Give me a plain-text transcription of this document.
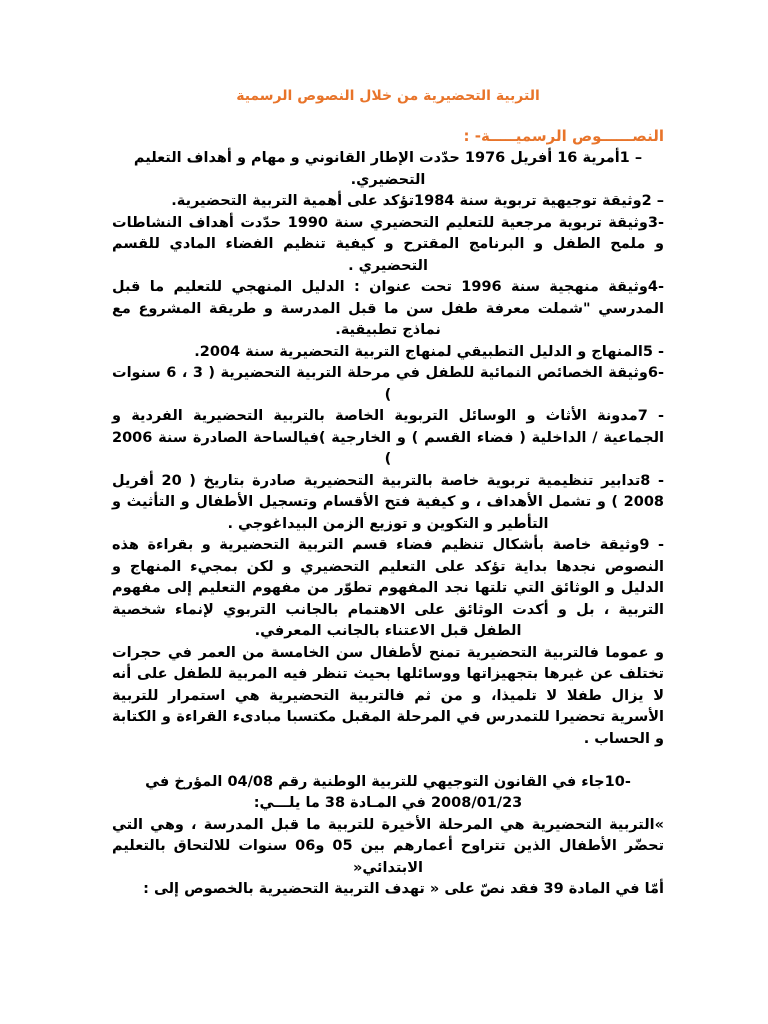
التربية التحضيرية من خلال النصوص الرسمية
النصــــــوص الرسميـــــة- :

– 1أمرية 16 أفريل 1976 حدّدت الإطار القانوني و مهام و أهداف التعليم التحضيري.

– 2وثيقة توجيهية تربوية سنة 1984تؤكد على أهمية التربية التحضيرية.

-3وثيقة تربوية مرجعية للتعليم التحضيري سنة 1990 حدّدت أهداف النشاطات و ملمح الطفل و البرنامج المقترح و كيفية تنظيم الفضاء المادي للقسم التحضيري .

-4وثيقة منهجية سنة 1996 تحت عنوان : الدليل المنهجي للتعليم ما قبل المدرسي "شملت معرفة طفل سن ما قبل المدرسة و طريقة المشروع مع نماذج تطبيقية.

- 5المنهاج و الدليل التطبيقي لمنهاج التربية التحضيرية سنة 2004.

-6وثيقة الخصائص النمائية للطفل في مرحلة التربية التحضيرية ( 3 ، 6 سنوات )

- 7مدونة الأثاث و الوسائل التربوية الخاصة بالتربية التحضيرية الفردية و الجماعية / الداخلية ( فضاء القسم ) و الخارجية )فيالساحة الصادرة سنة 2006 )

- 8تدابير تنظيمية تربوية خاصة بالتربية التحضيرية صادرة بتاريخ ( 20 أفريل 2008 ) و تشمل الأهداف ، و كيفية فتح الأقسام وتسجيل الأطفال و التأثيث و التأطير و التكوين و توزيع الزمن البيداغوجي .

- 9وثيقة خاصة بأشكال تنظيم فضاء قسم التربية التحضيرية و بقراءة هذه النصوص نجدها بداية تؤكد على التعليم التحضيري و لكن بمجيء المنهاج و الدليل و الوثائق التي تلتها نجد المفهوم تطوّر من مفهوم التعليم إلى مفهوم التربية ، بل و أكدت الوثائق على الاهتمام بالجانب التربوي لإنماء شخصية الطفل قبل الاعتناء بالجانب المعرفي.

و عموما فالتربية التحضيرية تمنح لأطفال سن الخامسة من العمر في حجرات تختلف عن غيرها بتجهيزاتها ووسائلها بحيث تنظر فيه المربية للطفل على أنه لا يزال طفلا لا تلميذا، و من ثم فالتربية التحضيرية هي استمرار للتربية الأسرية تحضيرا للتمدرس في المرحلة المقبل مكتسبا مبادىء القراءة و الكتابة و الحساب .

-10جاء في القانون التوجيهي للتربية الوطنية رقم 04/08 المؤرخ في 2008/01/23 في المـادة 38 ما يلـــي:

»التربية التحضيرية هي المرحلة الأخيرة للتربية ما قبل المدرسة ، وهي التي تحضّر الأطفال الذين تتراوح أعمارهم بين 05 و06 سنوات للالتحاق بالتعليم الابتدائي«

أمّا في المادة 39 فقد نصّ على « تهدف التربية التحضيرية بالخصوص إلى :
